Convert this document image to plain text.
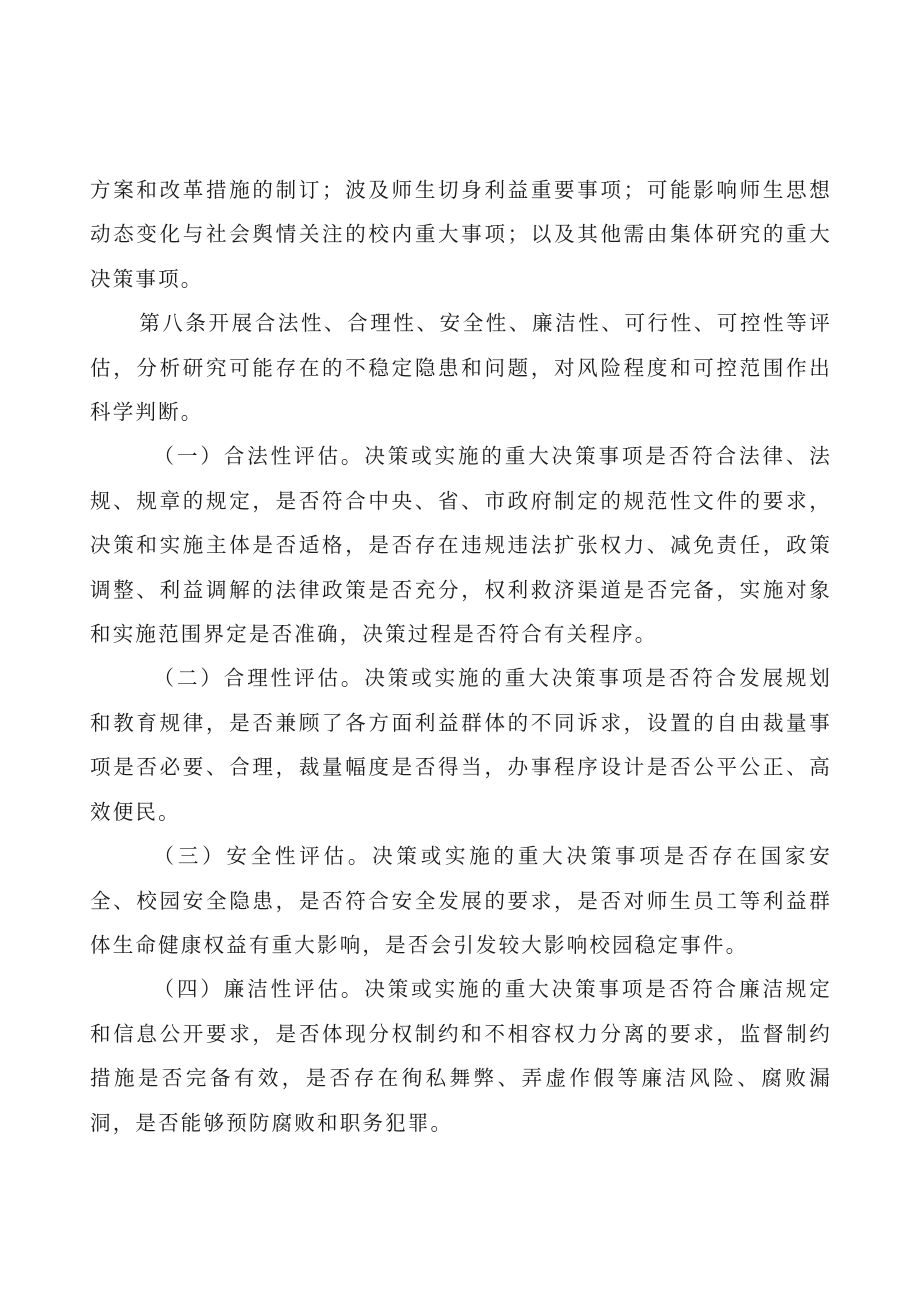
方案和改革措施的制订；波及师生切身利益重要事项；可能影响师生思想动态变化与社会舆情关注的校内重大事项；以及其他需由集体研究的重大决策事项。

第八条开展合法性、合理性、安全性、廉洁性、可行性、可控性等评估，分析研究可能存在的不稳定隐患和问题，对风险程度和可控范围作出科学判断。

（一）合法性评估。决策或实施的重大决策事项是否符合法律、法规、规章的规定，是否符合中央、省、市政府制定的规范性文件的要求，决策和实施主体是否适格，是否存在违规违法扩张权力、减免责任，政策调整、利益调解的法律政策是否充分，权利救济渠道是否完备，实施对象和实施范围界定是否准确，决策过程是否符合有关程序。

（二）合理性评估。决策或实施的重大决策事项是否符合发展规划和教育规律，是否兼顾了各方面利益群体的不同诉求，设置的自由裁量事项是否必要、合理，裁量幅度是否得当，办事程序设计是否公平公正、高效便民。

（三）安全性评估。决策或实施的重大决策事项是否存在国家安全、校园安全隐患，是否符合安全发展的要求，是否对师生员工等利益群体生命健康权益有重大影响，是否会引发较大影响校园稳定事件。

（四）廉洁性评估。决策或实施的重大决策事项是否符合廉洁规定和信息公开要求，是否体现分权制约和不相容权力分离的要求，监督制约措施是否完备有效，是否存在徇私舞弊、弄虚作假等廉洁风险、腐败漏洞，是否能够预防腐败和职务犯罪。
